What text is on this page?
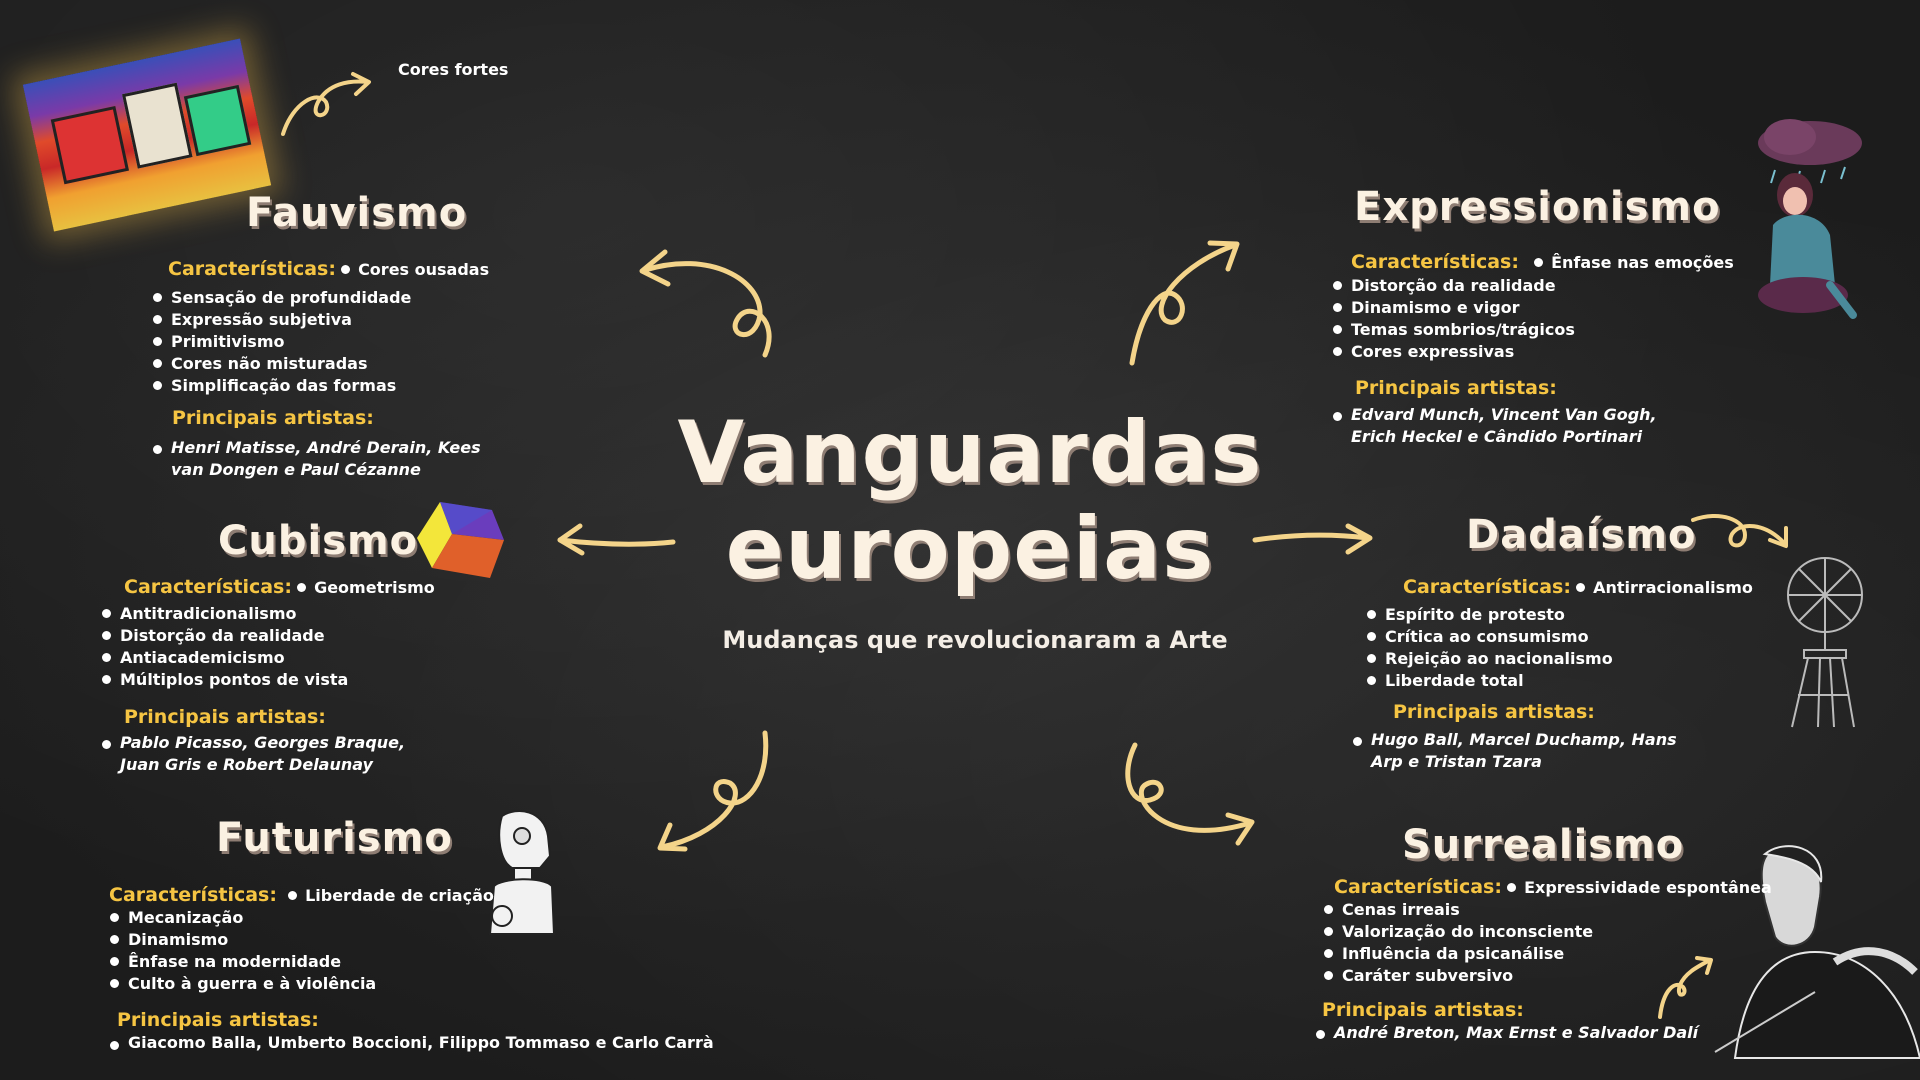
Vanguardas
europeias
Mudanças que revolucionaram a Arte
Cores fortes
Fauvismo
Características: Cores ousadas
Sensação de profundidade
Expressão subjetiva
Primitivismo
Cores não misturadas
Simplificação das formas
Principais artistas:
Henri Matisse, André Derain, Kees van Dongen e Paul Cézanne
Cubismo
Características: Geometrismo
Antitradicionalismo
Distorção da realidade
Antiacademicismo
Múltiplos pontos de vista
Principais artistas:
Pablo Picasso, Georges Braque, Juan Gris e Robert Delaunay
Futurismo
Características: Liberdade de criação
Mecanização
Dinamismo
Ênfase na modernidade
Culto à guerra e à violência
Principais artistas:
Giacomo Balla, Umberto Boccioni, Filippo Tommaso e Carlo Carrà
Expressionismo
Características: Ênfase nas emoções
Distorção da realidade
Dinamismo e vigor
Temas sombrios/trágicos
Cores expressivas
Principais artistas:
Edvard Munch, Vincent Van Gogh, Erich Heckel e Cândido Portinari
Dadaísmo
Características: Antirracionalismo
Espírito de protesto
Crítica ao consumismo
Rejeição ao nacionalismo
Liberdade total
Principais artistas:
Hugo Ball, Marcel Duchamp, Hans Arp e Tristan Tzara
Surrealismo
Características: Expressividade espontânea
Cenas irreais
Valorização do inconsciente
Influência da psicanálise
Caráter subversivo
Principais artistas:
André Breton, Max Ernst e Salvador Dalí
